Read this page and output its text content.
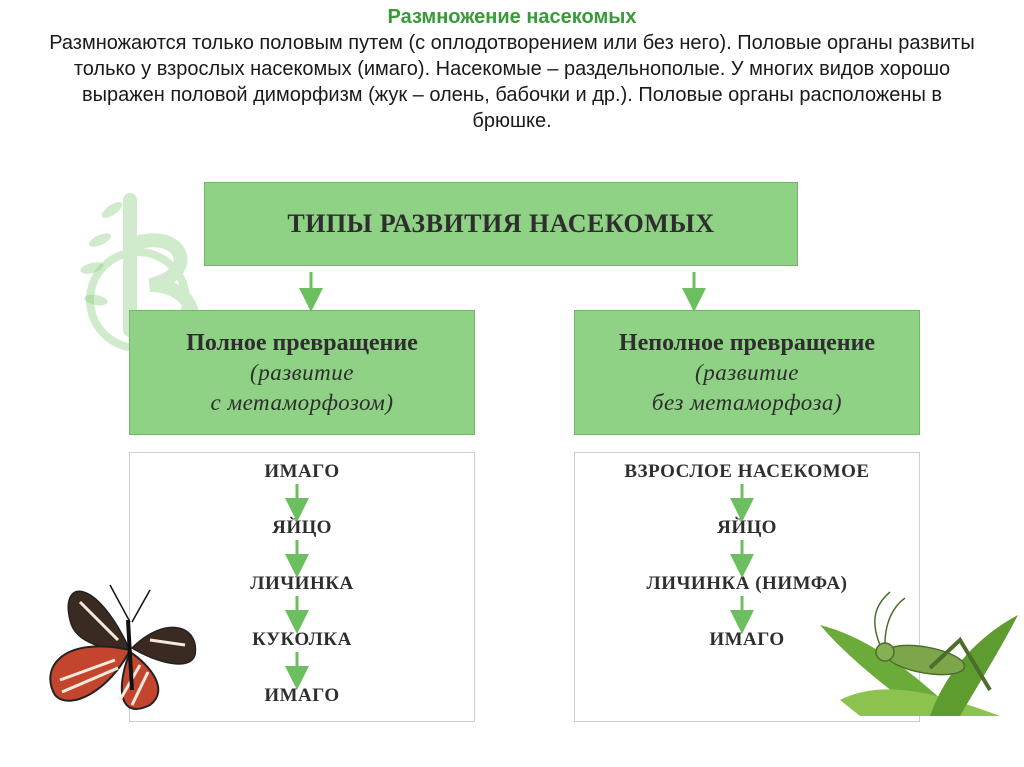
Размножение насекомых
Размножаются только половым путем (с оплодотворением или без него). Половые органы развиты только у взрослых насекомых (имаго). Насекомые – раздельнополые. У многих видов хорошо выражен половой диморфизм (жук – олень, бабочки и др.). Половые органы расположены в брюшке.
ТИПЫ РАЗВИТИЯ НАСЕКОМЫХ
Полное превращение
(развитие
с метаморфозом)
Неполное превращение
(развитие
без метаморфоза)
ИМАГО
ЯЙЦО
ЛИЧИНКА
КУКОЛКА
ИМАГО
ВЗРОСЛОЕ НАСЕКОМОЕ
ЯЙЦО
ЛИЧИНКА (НИМФА)
ИМАГО
